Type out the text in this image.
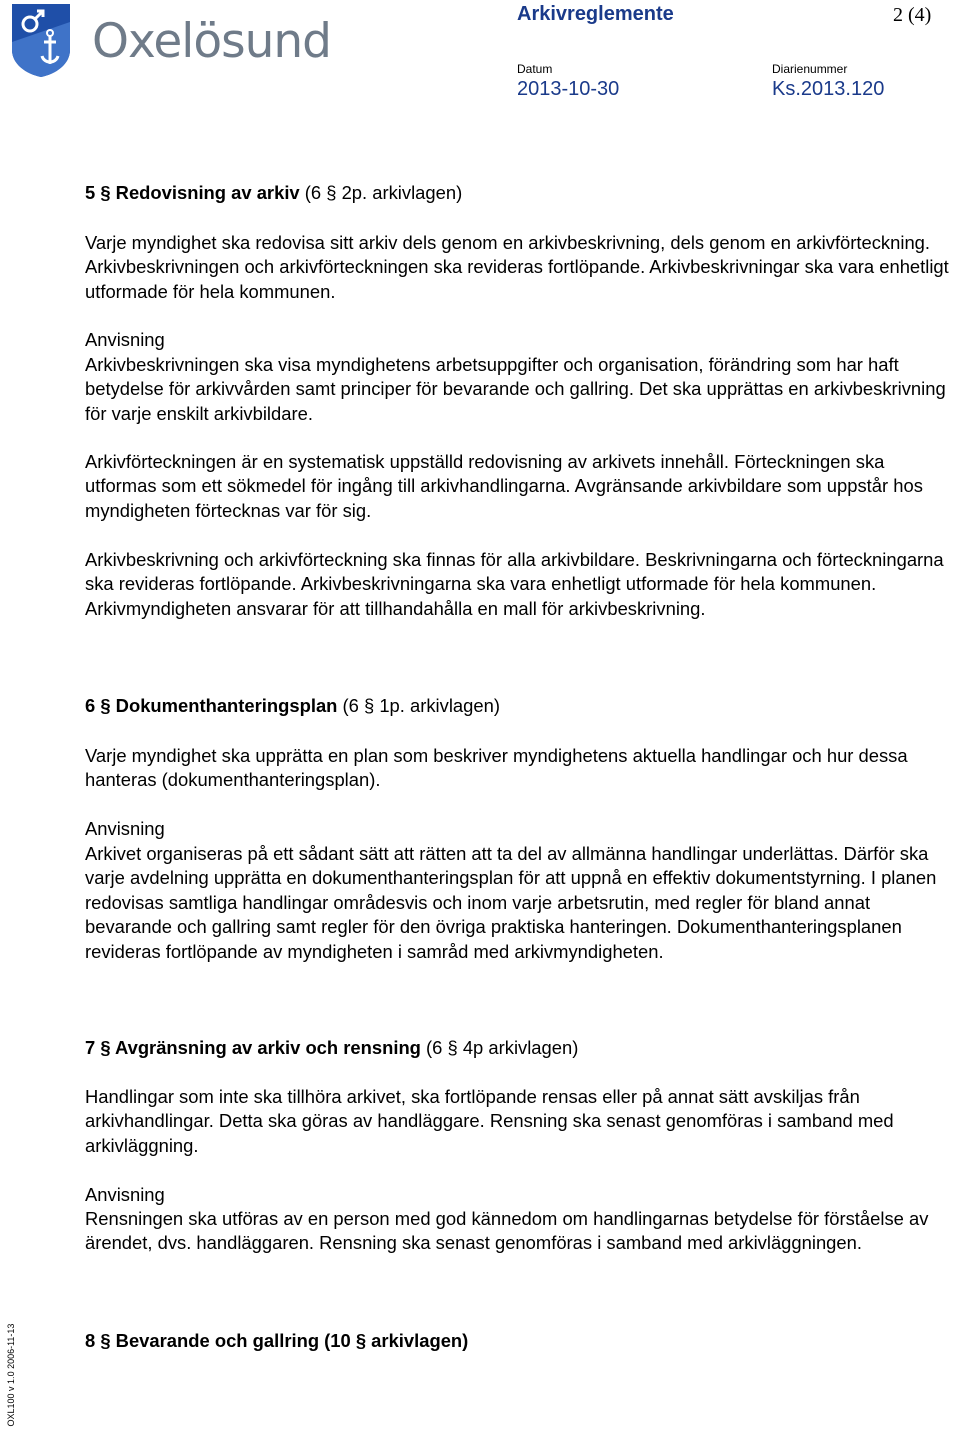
Oxelösund	Arkivreglemente	2 (4)
Datum
2013-10-30
Diarienummer
Ks.2013.120
5 § Redovisning av arkiv (6 § 2p. arkivlagen)

Varje myndighet ska redovisa sitt arkiv dels genom en arkivbeskrivning, dels genom en arkivförteckning. Arkivbeskrivningen och arkivförteckningen ska revideras fortlöpande. Arkivbeskrivningar ska vara enhetligt utformade för hela kommunen.

Anvisning

Arkivbeskrivningen ska visa myndighetens arbetsuppgifter och organisation, förändring som har haft betydelse för arkivvården samt principer för bevarande och gallring. Det ska upprättas en arkivbeskrivning för varje enskilt arkivbildare.

Arkivförteckningen är en systematisk uppställd redovisning av arkivets innehåll. Förteckningen ska utformas som ett sökmedel för ingång till arkivhandlingarna. Avgränsande arkivbildare som uppstår hos myndigheten förtecknas var för sig.

Arkivbeskrivning och arkivförteckning ska finnas för alla arkivbildare. Beskrivningarna och förteckningarna ska revideras fortlöpande. Arkivbeskrivningarna ska vara enhetligt utformade för hela kommunen. Arkivmyndigheten ansvarar för att tillhandahålla en mall för arkivbeskrivning.

6 § Dokumenthanteringsplan (6 § 1p. arkivlagen)

Varje myndighet ska upprätta en plan som beskriver myndighetens aktuella handlingar och hur dessa hanteras (dokumenthanteringsplan).

Anvisning

Arkivet organiseras på ett sådant sätt att rätten att ta del av allmänna handlingar underlättas. Därför ska varje avdelning upprätta en dokumenthanteringsplan för att uppnå en effektiv dokumentstyrning. I planen redovisas samtliga handlingar områdesvis och inom varje arbetsrutin, med regler för bland annat bevarande och gallring samt regler för den övriga praktiska hanteringen. Dokumenthanteringsplanen revideras fortlöpande av myndigheten i samråd med arkivmyndigheten.

7 § Avgränsning av arkiv och rensning (6 § 4p arkivlagen)

Handlingar som inte ska tillhöra arkivet, ska fortlöpande rensas eller på annat sätt avskiljas från arkivhandlingar. Detta ska göras av handläggare. Rensning ska senast genomföras i samband med arkivläggning.

Anvisning

Rensningen ska utföras av en person med god kännedom om handlingarnas betydelse för förståelse av ärendet, dvs. handläggaren. Rensning ska senast genomföras i samband med arkivläggningen.

8 § Bevarande och gallring (10 § arkivlagen)
OXL100 v 1.0 2006-11-13
